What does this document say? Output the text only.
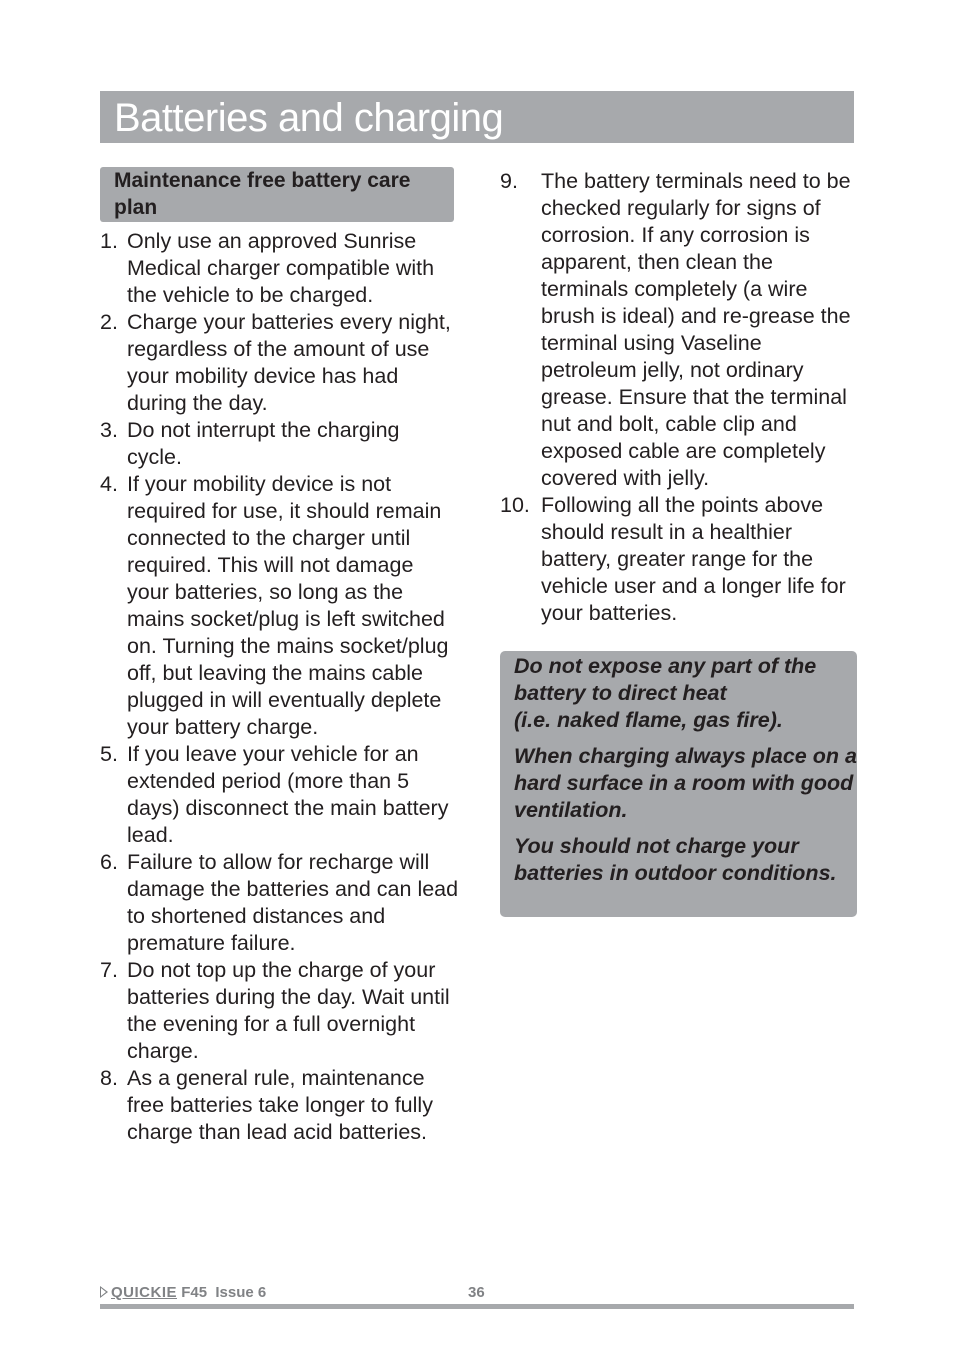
Batteries and charging
Maintenance free battery care plan
1. Only use an approved Sunrise Medical charger compatible with the vehicle to be charged.
2. Charge your batteries every night, regardless of the amount of use your mobility device has had during the day.
3. Do not interrupt the charging cycle.
4. If your mobility device is not required for use, it should remain connected to the charger until required. This will not damage your batteries, so long as the mains socket/plug is left switched on. Turning the mains socket/plug off, but leaving the mains cable plugged in will eventually deplete your battery charge.
5. If you leave your vehicle for an extended period (more than 5 days) disconnect the main battery lead.
6. Failure to allow for recharge will damage the batteries and can lead to shortened distances and premature failure.
7. Do not top up the charge of your batteries during the day. Wait until the evening for a full overnight charge.
8. As a general rule, maintenance free batteries take longer to fully charge than lead acid batteries.
9. The battery terminals need to be checked regularly for signs of corrosion. If any corrosion is apparent, then clean the terminals completely (a wire brush is ideal) and re-grease the terminal using Vaseline petroleum jelly, not ordinary grease. Ensure that the terminal nut and bolt, cable clip and exposed cable are completely covered with jelly.
10. Following all the points above should result in a healthier battery, greater range for the vehicle user and a longer life for your batteries.

Do not expose any part of the battery to direct heat
(i.e. naked flame, gas fire).

When charging always place on a hard surface in a room with good ventilation.

You should not charge your batteries in outdoor conditions.

QUICKIE F45 Issue 6	36
